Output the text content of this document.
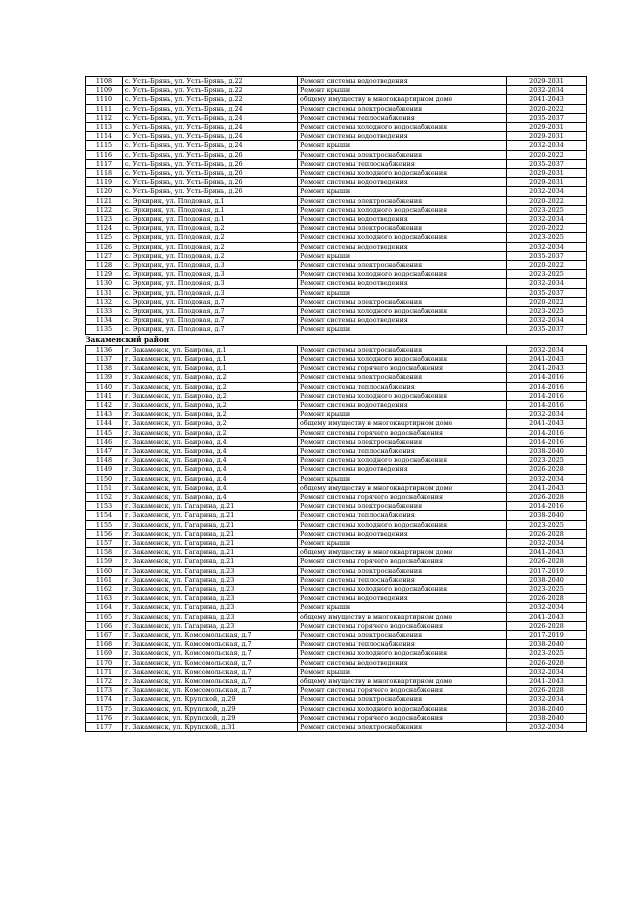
1108	с. Усть-Брянь, ул. Усть-Брянь, д.22	Ремонт системы водоотведения	2029-2031
1109	с. Усть-Брянь, ул. Усть-Брянь, д.22	Ремонт крыши	2032-2034
1110	с. Усть-Брянь, ул. Усть-Брянь, д.22	общему имуществу в многоквартирном доме	2041-2043
1111	с. Усть-Брянь, ул. Усть-Брянь, д.24	Ремонт системы электроснабжения	2020-2022
1112	с. Усть-Брянь, ул. Усть-Брянь, д.24	Ремонт системы теплоснабжения	2035-2037
1113	с. Усть-Брянь, ул. Усть-Брянь, д.24	Ремонт системы холодного водоснабжения	2029-2031
1114	с. Усть-Брянь, ул. Усть-Брянь, д.24	Ремонт системы водоотведения	2029-2031
1115	с. Усть-Брянь, ул. Усть-Брянь, д.24	Ремонт крыши	2032-2034
1116	с. Усть-Брянь, ул. Усть-Брянь, д.26	Ремонт системы электроснабжения	2020-2022
1117	с. Усть-Брянь, ул. Усть-Брянь, д.26	Ремонт системы теплоснабжения	2035-2037
1118	с. Усть-Брянь, ул. Усть-Брянь, д.26	Ремонт системы холодного водоснабжения	2029-2031
1119	с. Усть-Брянь, ул. Усть-Брянь, д.26	Ремонт системы водоотведения	2029-2031
1120	с. Усть-Брянь, ул. Усть-Брянь, д.26	Ремонт крыши	2032-2034
1121	с. Эрхирик, ул. Плодовая, д.1	Ремонт системы электроснабжения	2020-2022
1122	с. Эрхирик, ул. Плодовая, д.1	Ремонт системы холодного водоснабжения	2023-2025
1123	с. Эрхирик, ул. Плодовая, д.1	Ремонт системы водоотведения	2032-2034
1124	с. Эрхирик, ул. Плодовая, д.2	Ремонт системы электроснабжения	2020-2022
1125	с. Эрхирик, ул. Плодовая, д.2	Ремонт системы холодного водоснабжения	2023-2025
1126	с. Эрхирик, ул. Плодовая, д.2	Ремонт системы водоотведения	2032-2034
1127	с. Эрхирик, ул. Плодовая, д.2	Ремонт крыши	2035-2037
1128	с. Эрхирик, ул. Плодовая, д.3	Ремонт системы электроснабжения	2020-2022
1129	с. Эрхирик, ул. Плодовая, д.3	Ремонт системы холодного водоснабжения	2023-2025
1130	с. Эрхирик, ул. Плодовая, д.3	Ремонт системы водоотведения	2032-2034
1131	с. Эрхирик, ул. Плодовая, д.3	Ремонт крыши	2035-2037
1132	с. Эрхирик, ул. Плодовая, д.7	Ремонт системы электроснабжения	2020-2022
1133	с. Эрхирик, ул. Плодовая, д.7	Ремонт системы холодного водоснабжения	2023-2025
1134	с. Эрхирик, ул. Плодовая, д.7	Ремонт системы водоотведения	2032-2034
1135	с. Эрхирик, ул. Плодовая, д.7	Ремонт крыши	2035-2037
Закаменский район			
1136	г. Закаменск, ул. Баирова, д.1	Ремонт системы электроснабжения	2032-2034
1137	г. Закаменск, ул. Баирова, д.1	Ремонт системы холодного водоснабжения	2041-2043
1138	г. Закаменск, ул. Баирова, д.1	Ремонт системы горячего водоснабжения	2041-2043
1139	г. Закаменск, ул. Баирова, д.2	Ремонт системы электроснабжения	2014-2016
1140	г. Закаменск, ул. Баирова, д.2	Ремонт системы теплоснабжения	2014-2016
1141	г. Закаменск, ул. Баирова, д.2	Ремонт системы холодного водоснабжения	2014-2016
1142	г. Закаменск, ул. Баирова, д.2	Ремонт системы водоотведения	2014-2016
1143	г. Закаменск, ул. Баирова, д.2	Ремонт крыши	2032-2034
1144	г. Закаменск, ул. Баирова, д.2	общему имуществу в многоквартирном доме	2041-2043
1145	г. Закаменск, ул. Баирова, д.2	Ремонт системы горячего водоснабжения	2014-2016
1146	г. Закаменск, ул. Баирова, д.4	Ремонт системы электроснабжения	2014-2016
1147	г. Закаменск, ул. Баирова, д.4	Ремонт системы теплоснабжения	2038-2040
1148	г. Закаменск, ул. Баирова, д.4	Ремонт системы холодного водоснабжения	2023-2025
1149	г. Закаменск, ул. Баирова, д.4	Ремонт системы водоотведения	2026-2028
1150	г. Закаменск, ул. Баирова, д.4	Ремонт крыши	2032-2034
1151	г. Закаменск, ул. Баирова, д.4	общему имуществу в многоквартирном доме	2041-2043
1152	г. Закаменск, ул. Баирова, д.4	Ремонт системы горячего водоснабжения	2026-2028
1153	г. Закаменск, ул. Гагарина, д.21	Ремонт системы электроснабжения	2014-2016
1154	г. Закаменск, ул. Гагарина, д.21	Ремонт системы теплоснабжения	2038-2040
1155	г. Закаменск, ул. Гагарина, д.21	Ремонт системы холодного водоснабжения	2023-2025
1156	г. Закаменск, ул. Гагарина, д.21	Ремонт системы водоотведения	2026-2028
1157	г. Закаменск, ул. Гагарина, д.21	Ремонт крыши	2032-2034
1158	г. Закаменск, ул. Гагарина, д.21	общему имуществу в многоквартирном доме	2041-2043
1159	г. Закаменск, ул. Гагарина, д.21	Ремонт системы горячего водоснабжения	2026-2028
1160	г. Закаменск, ул. Гагарина, д.23	Ремонт системы электроснабжения	2017-2019
1161	г. Закаменск, ул. Гагарина, д.23	Ремонт системы теплоснабжения	2038-2040
1162	г. Закаменск, ул. Гагарина, д.23	Ремонт системы холодного водоснабжения	2023-2025
1163	г. Закаменск, ул. Гагарина, д.23	Ремонт системы водоотведения	2026-2028
1164	г. Закаменск, ул. Гагарина, д.23	Ремонт крыши	2032-2034
1165	г. Закаменск, ул. Гагарина, д.23	общему имуществу в многоквартирном доме	2041-2043
1166	г. Закаменск, ул. Гагарина, д.23	Ремонт системы горячего водоснабжения	2026-2028
1167	г. Закаменск, ул. Комсомольская, д.7	Ремонт системы электроснабжения	2017-2019
1168	г. Закаменск, ул. Комсомольская, д.7	Ремонт системы теплоснабжения	2038-2040
1169	г. Закаменск, ул. Комсомольская, д.7	Ремонт системы холодного водоснабжения	2023-2025
1170	г. Закаменск, ул. Комсомольская, д.7	Ремонт системы водоотведения	2026-2028
1171	г. Закаменск, ул. Комсомольская, д.7	Ремонт крыши	2032-2034
1172	г. Закаменск, ул. Комсомольская, д.7	общему имуществу в многоквартирном доме	2041-2043
1173	г. Закаменск, ул. Комсомольская, д.7	Ремонт системы горячего водоснабжения	2026-2028
1174	г. Закаменск, ул. Крупской, д.29	Ремонт системы электроснабжения	2032-2034
1175	г. Закаменск, ул. Крупской, д.29	Ремонт системы холодного водоснабжения	2038-2040
1176	г. Закаменск, ул. Крупской, д.29	Ремонт системы горячего водоснабжения	2038-2040
1177	г. Закаменск, ул. Крупской, д.31	Ремонт системы электроснабжения	2032-2034
